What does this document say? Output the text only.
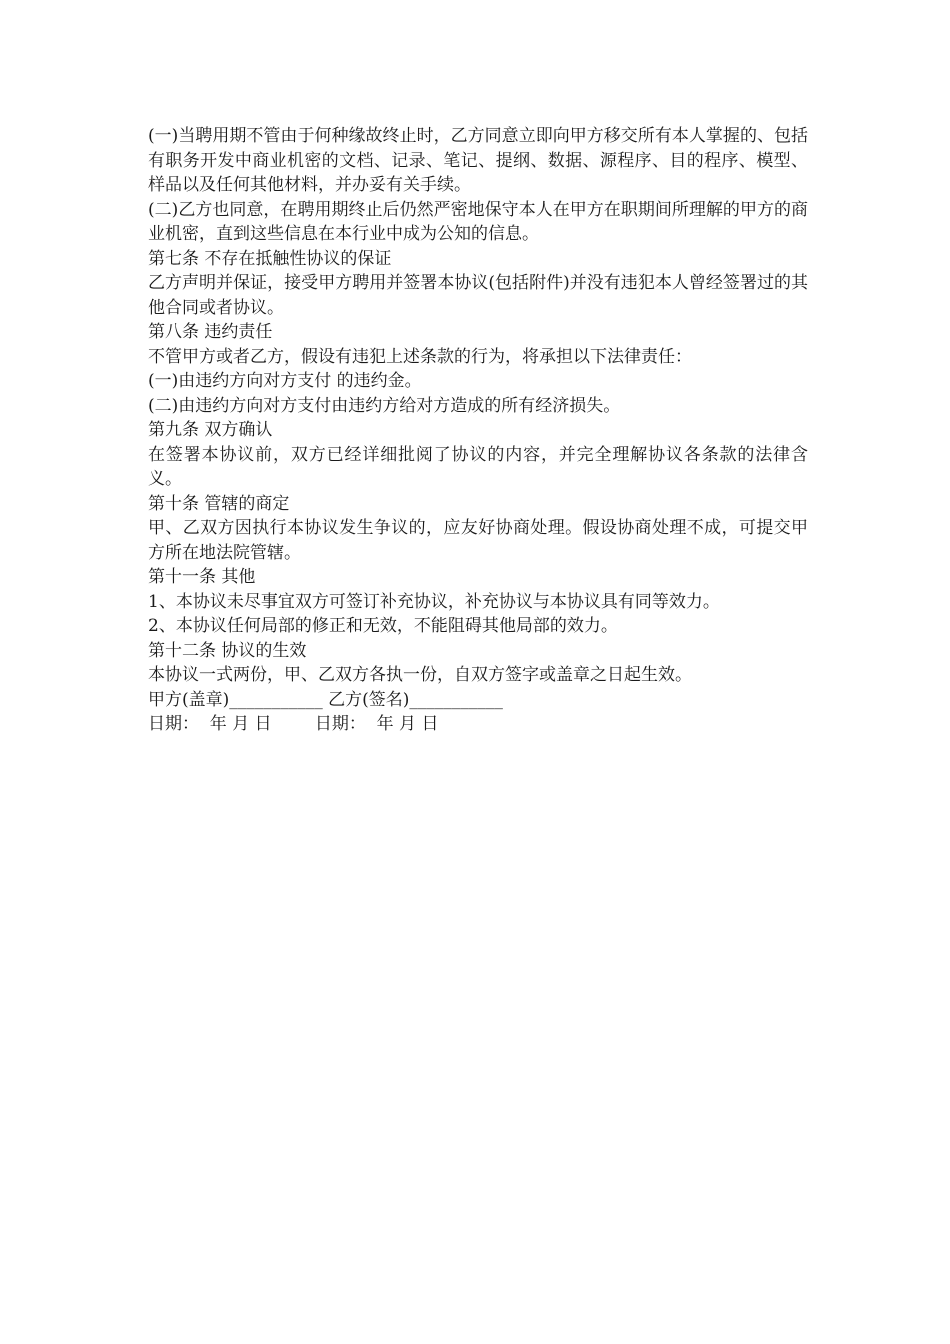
(一)当聘用期不管由于何种缘故终止时，乙方同意立即向甲方移交所有本人掌握的、包括有职务开发中商业机密的文档、记录、笔记、提纲、数据、源程序、目的程序、模型、样品以及任何其他材料，并办妥有关手续。

(二)乙方也同意，在聘用期终止后仍然严密地保守本人在甲方在职期间所理解的甲方的商业机密，直到这些信息在本行业中成为公知的信息。

第七条 不存在抵触性协议的保证

乙方声明并保证，接受甲方聘用并签署本协议(包括附件)并没有违犯本人曾经签署过的其他合同或者协议。

第八条 违约责任

不管甲方或者乙方，假设有违犯上述条款的行为，将承担以下法律责任：

(一)由违约方向对方支付 的违约金。

(二)由违约方向对方支付由违约方给对方造成的所有经济损失。

第九条 双方确认

在签署本协议前，双方已经详细批阅了协议的内容，并完全理解协议各条款的法律含义。

第十条 管辖的商定

甲、乙双方因执行本协议发生争议的，应友好协商处理。假设协商处理不成，可提交甲方所在地法院管辖。

第十一条 其他

1、本协议未尽事宜双方可签订补充协议，补充协议与本协议具有同等效力。

2、本协议任何局部的修正和无效，不能阻碍其他局部的效力。

第十二条 协议的生效

本协议一式两份，甲、乙双方各执一份，自双方签字或盖章之日起生效。

甲方(盖章)___________ 乙方(签名)___________

日期：  年 月 日        日期：  年 月 日
